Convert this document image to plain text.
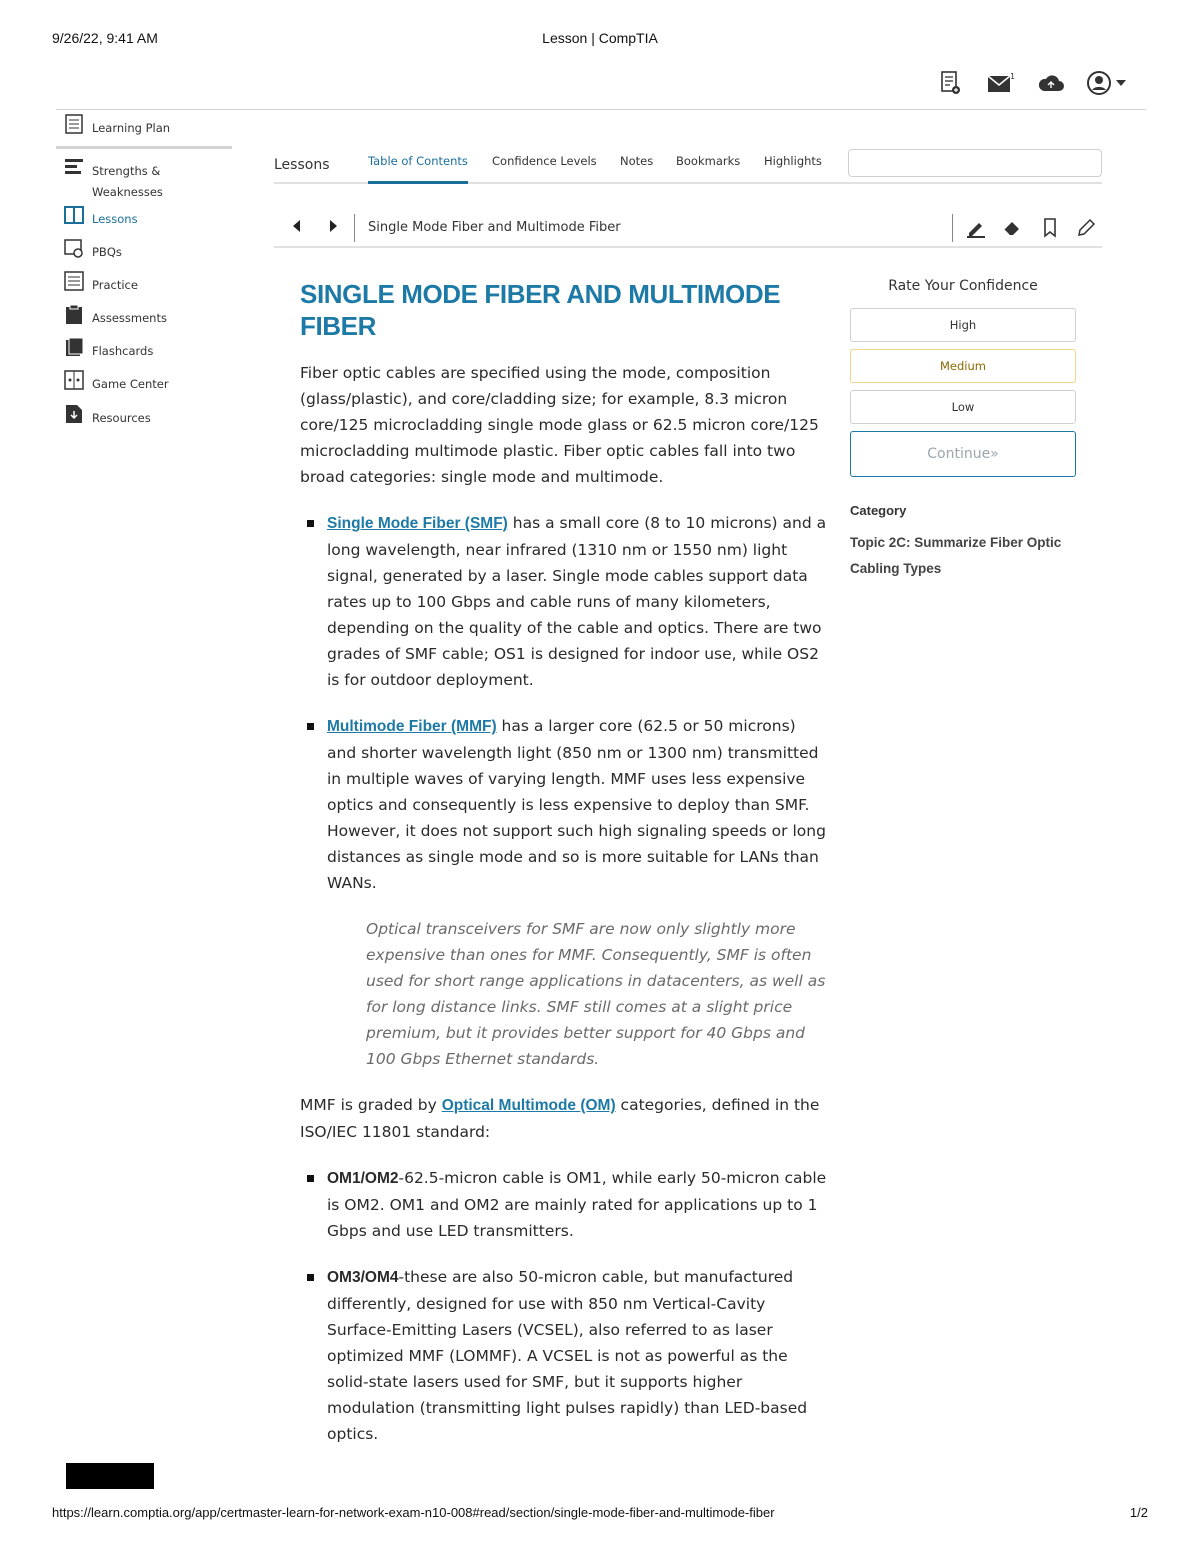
9/26/22, 9:41 AM	Lesson | CompTIA
1
Learning Plan
Strengths & Weaknesses
Lessons
PBQs
Practice
Assessments
Flashcards
Game Center
Resources
Lessons	Table of Contents Confidence Levels Notes Bookmarks Highlights
Single Mode Fiber and Multimode Fiber
SINGLE MODE FIBER AND MULTIMODE FIBER

Fiber optic cables are specified using the mode, composition (glass/plastic), and core/cladding size; for example, 8.3 micron core/125 microcladding single mode glass or 62.5 micron core/125 microcladding multimode plastic. Fiber optic cables fall into two broad categories: single mode and multimode.

Single Mode Fiber (SMF) has a small core (8 to 10 microns) and a long wavelength, near infrared (1310 nm or 1550 nm) light signal, generated by a laser. Single mode cables support data rates up to 100 Gbps and cable runs of many kilometers, depending on the quality of the cable and optics. There are two grades of SMF cable; OS1 is designed for indoor use, while OS2 is for outdoor deployment.
Multimode Fiber (MMF) has a larger core (62.5 or 50 microns) and shorter wavelength light (850 nm or 1300 nm) transmitted in multiple waves of varying length. MMF uses less expensive optics and consequently is less expensive to deploy than SMF. However, it does not support such high signaling speeds or long distances as single mode and so is more suitable for LANs than WANs.

Optical transceivers for SMF are now only slightly more expensive than ones for MMF. Consequently, SMF is often used for short range applications in datacenters, as well as for long distance links. SMF still comes at a slight price premium, but it provides better support for 40 Gbps and 100 Gbps Ethernet standards.

MMF is graded by Optical Multimode (OM) categories, defined in the ISO/IEC 11801 standard:

OM1/OM2-62.5-micron cable is OM1, while early 50-micron cable is OM2. OM1 and OM2 are mainly rated for applications up to 1 Gbps and use LED transmitters.
OM3/OM4-these are also 50-micron cable, but manufactured differently, designed for use with 850 nm Vertical-Cavity Surface-Emitting Lasers (VCSEL), also referred to as laser optimized MMF (LOMMF). A VCSEL is not as powerful as the solid-state lasers used for SMF, but it supports higher modulation (transmitting light pulses rapidly) than LED-based optics.
Rate Your Confidence
High
Medium
Low
Continue»
Category
Topic 2C: Summarize Fiber Optic Cabling Types
https://learn.comptia.org/app/certmaster-learn-for-network-exam-n10-008#read/section/single-mode-fiber-and-multimode-fiber	1/2
